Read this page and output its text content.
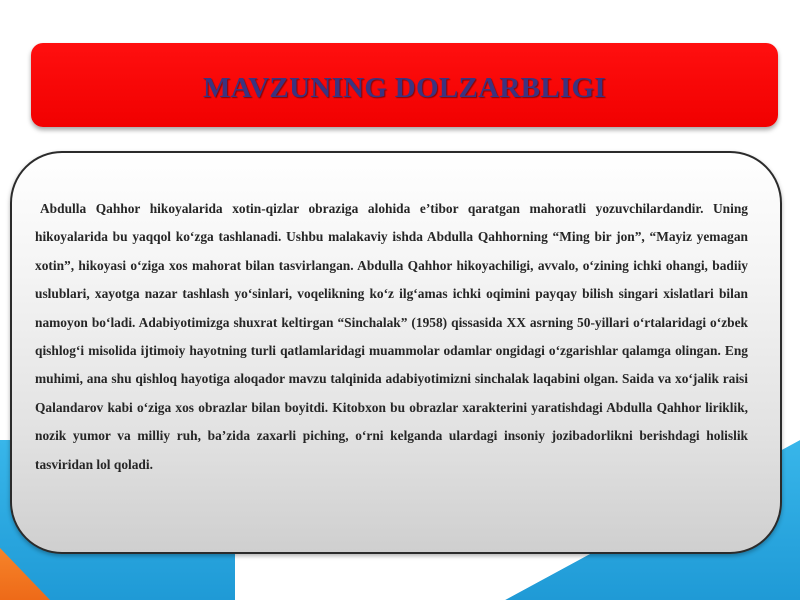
MAVZUNING DOLZARBLIGI

Abdulla Qahhor hikoyalarida xotin-qizlar obraziga alohida e’tibor qaratgan mahoratli yozuvchilardandir. Uning hikoyalarida bu yaqqol ko‘zga tashlanadi. Ushbu malakaviy ishda Abdulla Qahhorning “Ming bir jon”, “Mayiz yemagan xotin”, hikoyasi o‘ziga xos mahorat bilan tasvirlangan. Abdulla Qahhor hikoyachiligi, avvalo, o‘zining ichki ohangi, badiiy uslublari, xayotga nazar tashlash yo‘sinlari, voqelikning ko‘z ilg‘amas ichki oqimini payqay bilish singari xislatlari bilan namoyon bo‘ladi. Adabiyotimizga shuxrat keltirgan “Sinchalak” (1958) qissasida XX asrning 50-yillari o‘rtalaridagi o‘zbek qishlog‘i misolida ijtimoiy hayotning turli qatlamlaridagi muammolar odamlar ongidagi o‘zgarishlar qalamga olingan. Eng muhimi, ana shu qishloq hayotiga aloqador mavzu talqinida adabiyotimizni sinchalak laqabini olgan. Saida va xo‘jalik raisi Qalandarov kabi o‘ziga xos obrazlar bilan boyitdi. Kitobxon bu obrazlar xarakterini yaratishdagi Abdulla Qahhor liriklik, nozik yumor va milliy ruh, ba’zida zaxarli piching, o‘rni kelganda ulardagi insoniy jozibadorlikni berishdagi holislik tasviridan lol qoladi.
